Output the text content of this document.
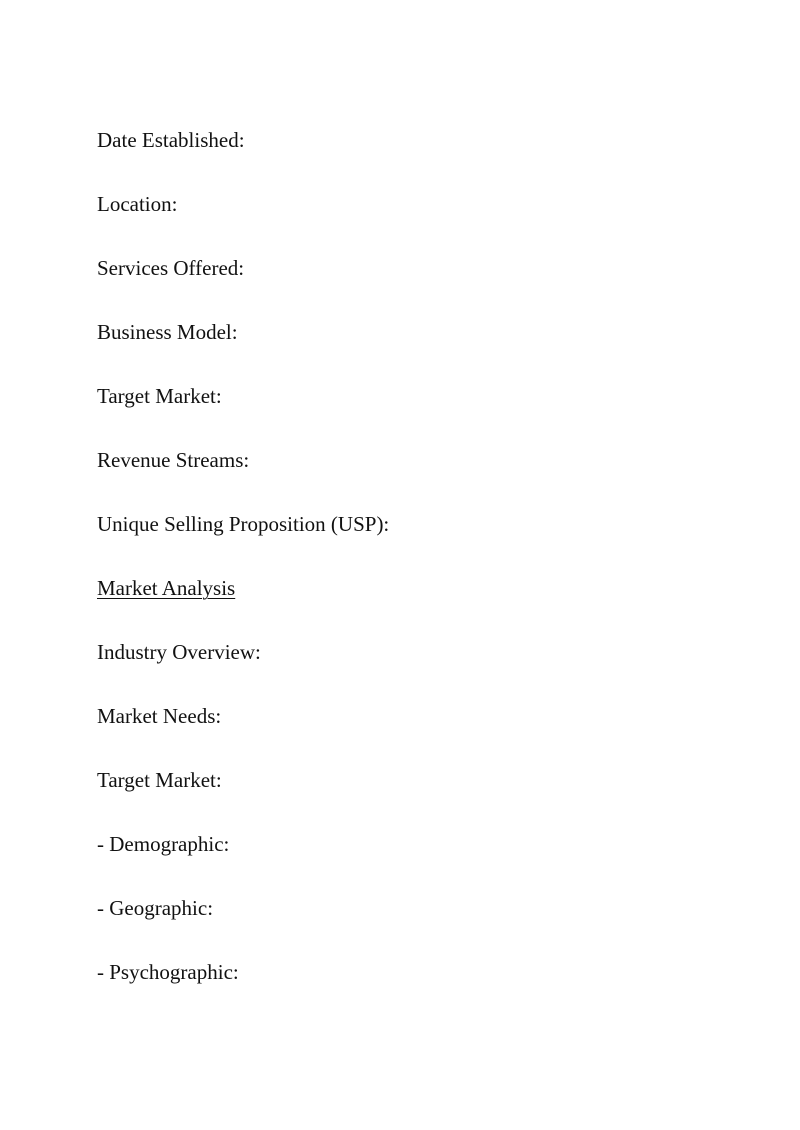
Date Established:
Location:
Services Offered:
Business Model:
Target Market:
Revenue Streams:
Unique Selling Proposition (USP):
Market Analysis
Industry Overview:
Market Needs:
Target Market:
- Demographic:
- Geographic:
- Psychographic:
